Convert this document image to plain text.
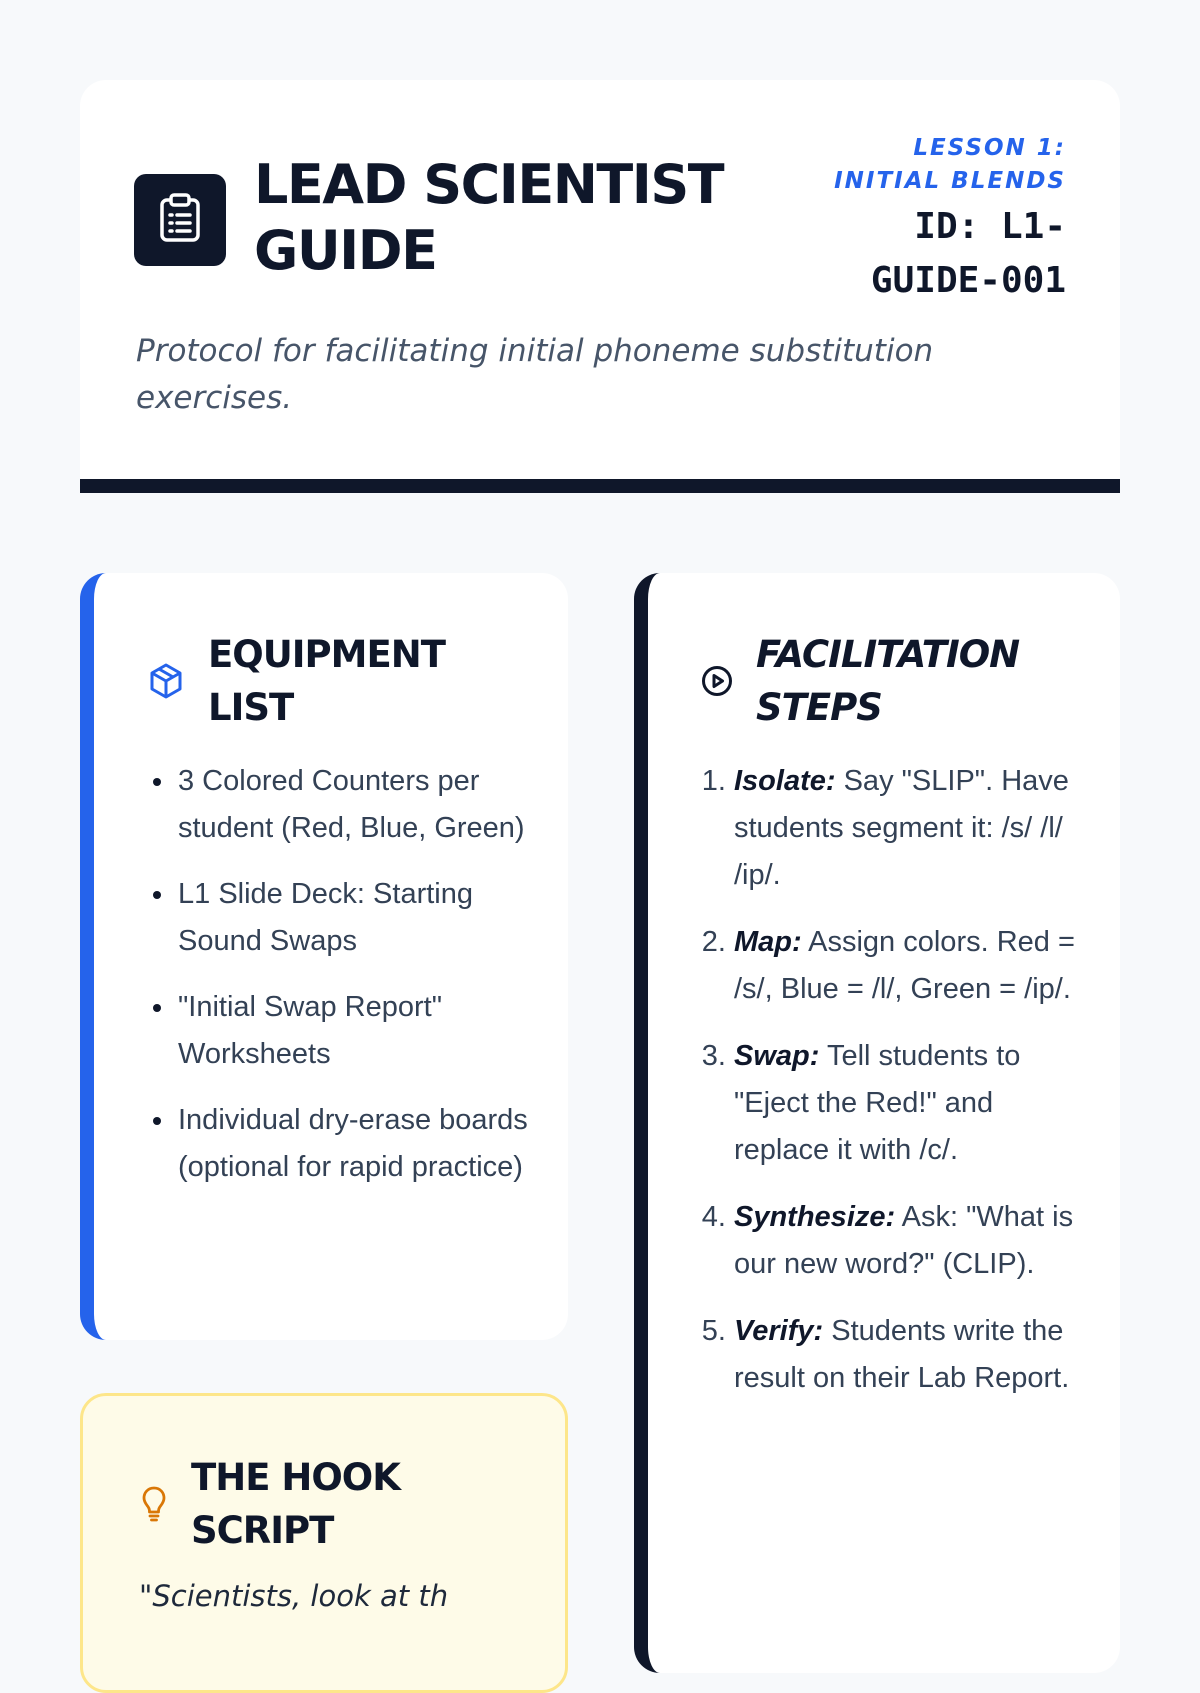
LEAD SCIENTIST GUIDE
LESSON 1: INITIAL BLENDS
ID: L1-GUIDE-001
Protocol for facilitating initial phoneme substitution exercises.
EQUIPMENT LIST
• 3 Colored Counters per student (Red, Blue, Green)
• L1 Slide Deck: Starting Sound Swaps
• "Initial Swap Report" Worksheets
• Individual dry-erase boards (optional for rapid practice)
FACILITATION STEPS
1. Isolate: Say "SLIP". Have students segment it: /s/ /l/ /ip/.
2. Map: Assign colors. Red = /s/, Blue = /l/, Green = /ip/.
3. Swap: Tell students to "Eject the Red!" and replace it with /c/.
4. Synthesize: Ask: "What is our new word?" (CLIP).
5. Verify: Students write the result on their Lab Report.
THE HOOK SCRIPT
"Scientists, look at th
